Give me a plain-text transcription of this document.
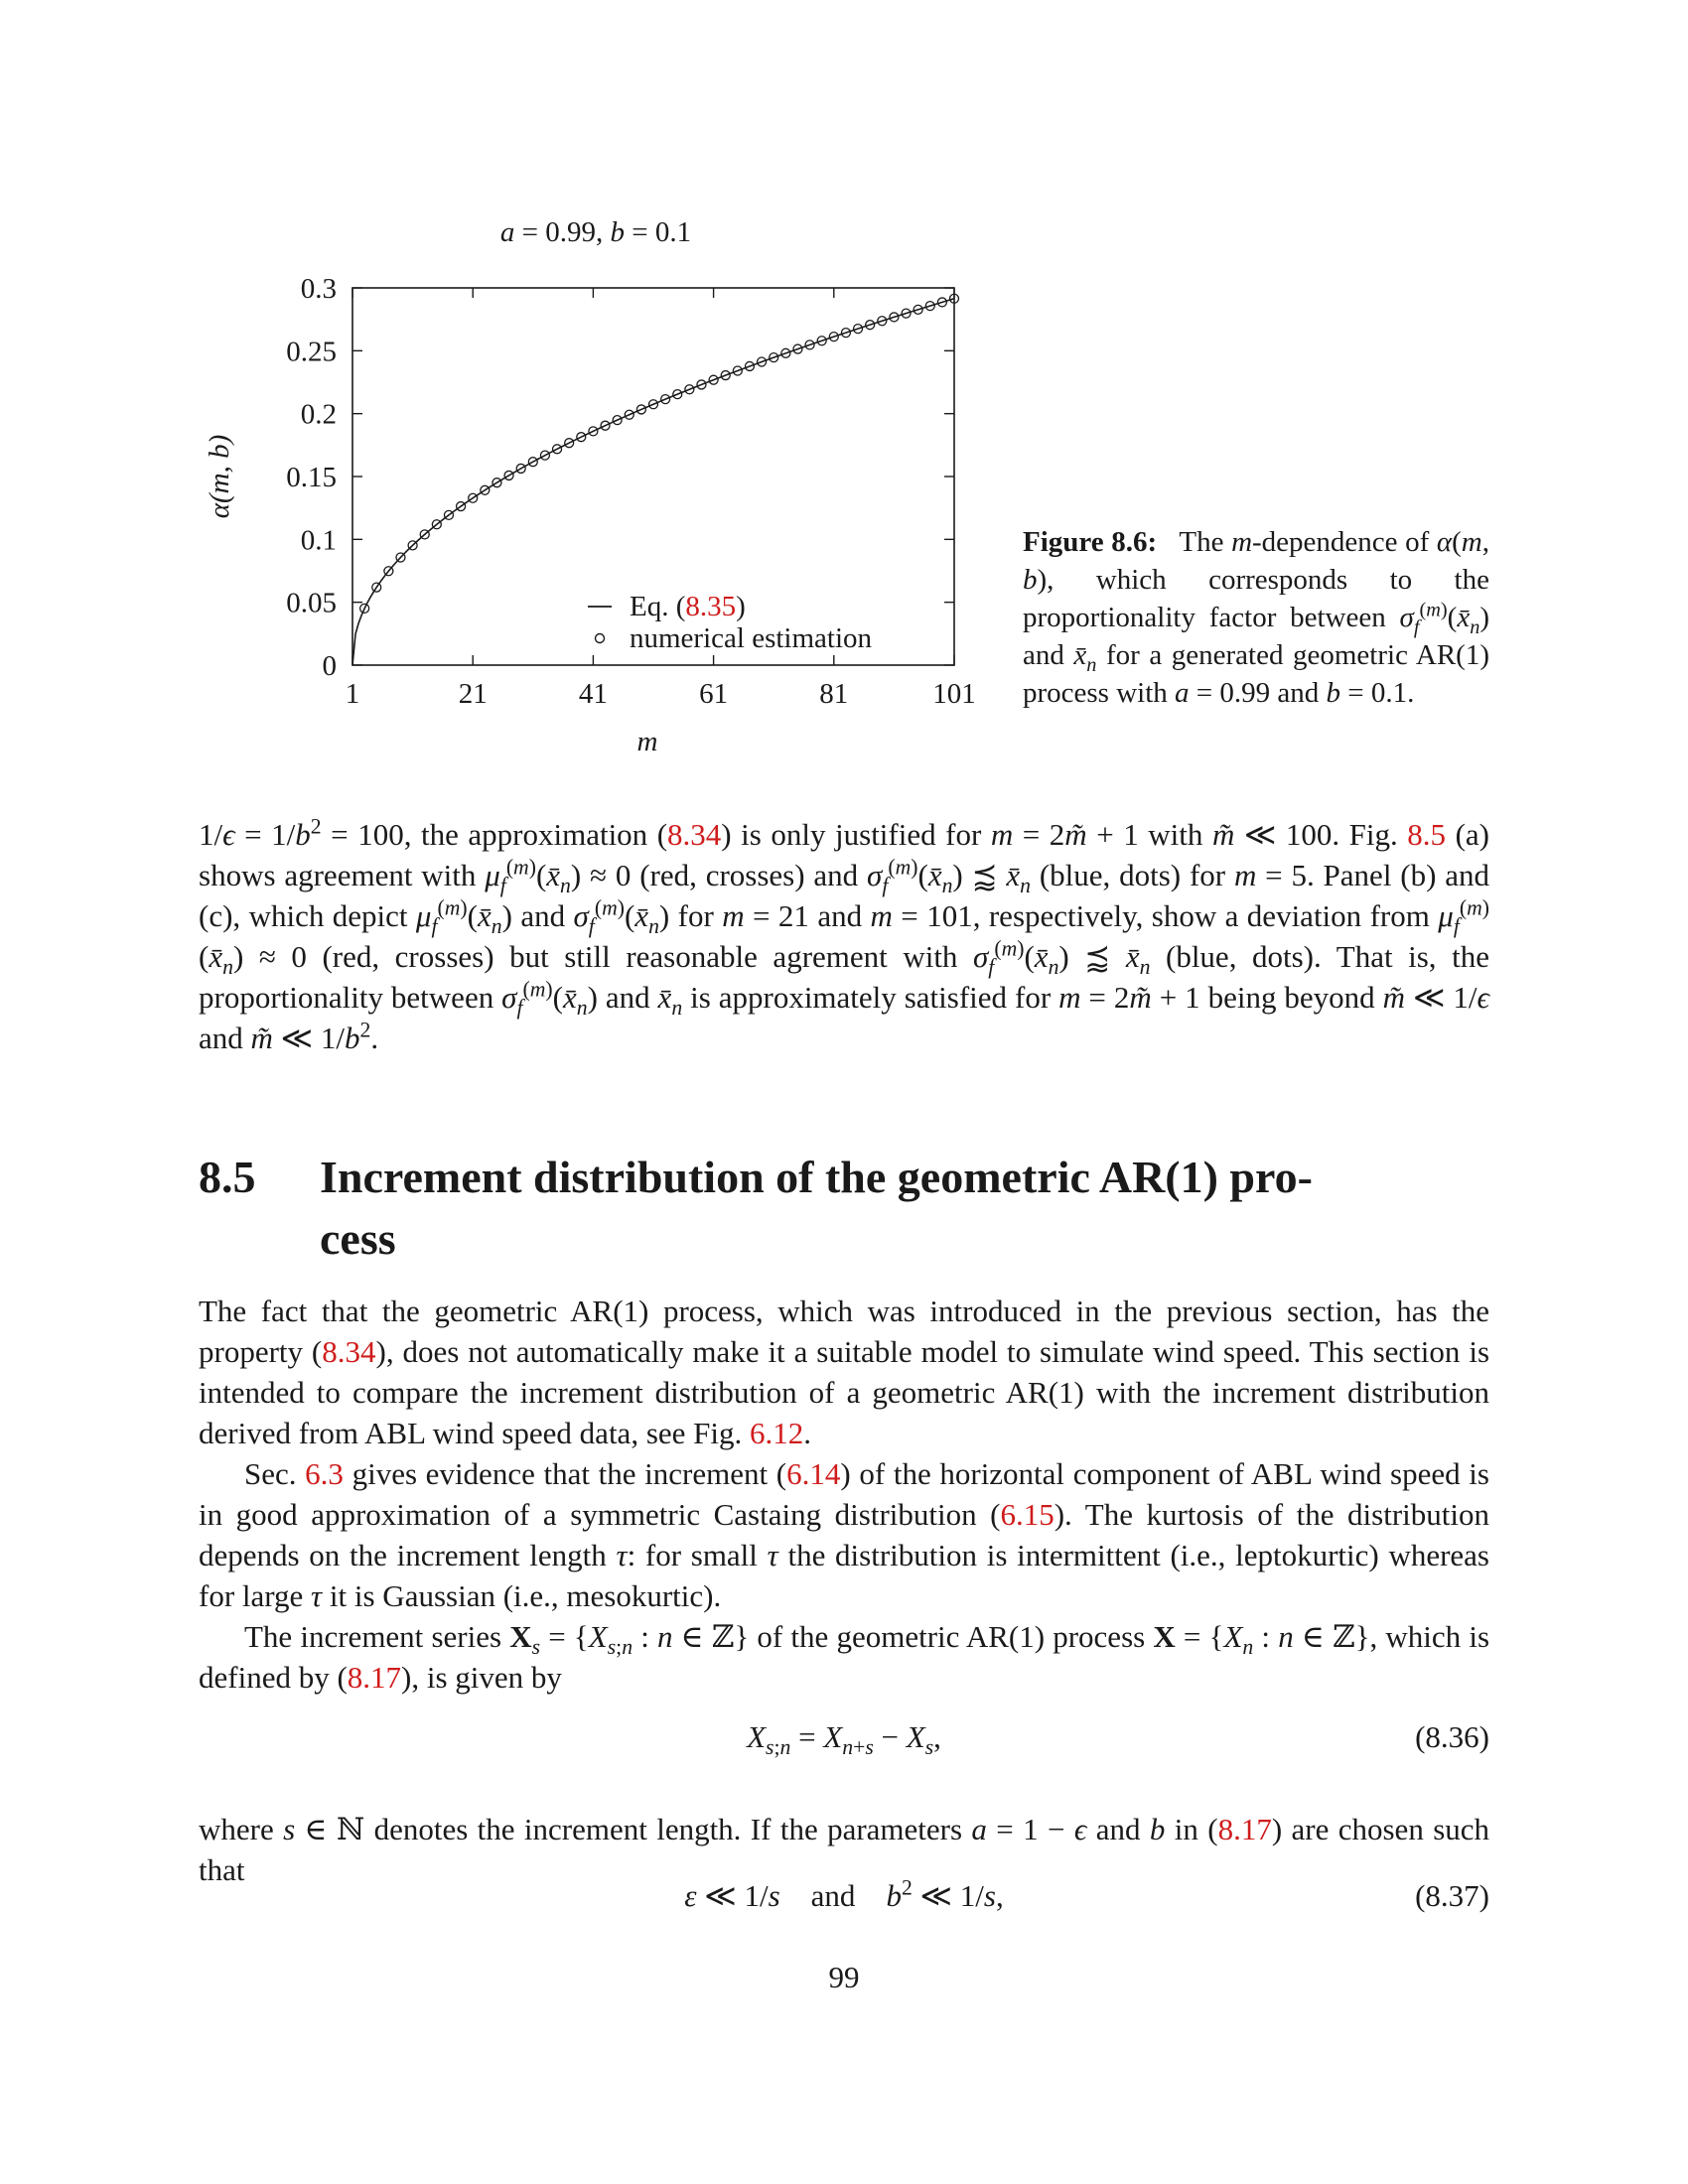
a = 0.99, b = 0.1
α(m, b)
m
1	21	41	61	81	101
0
0.05
0.1
0.15
0.2
0.25
0.3
Eq. (8.35)
numerical estimation
Figure 8.6:   The m-dependence of α(m, b), which corresponds to the proportionality factor between $\sigma_f^{(m)}(x̄_n)$ and $x̄_n$ for a generated geometric AR(1) process with a = 0.99 and b = 0.1.

$1/\epsilon = 1/b^2 = 100$, the approximation (8.34) is only justified for m = 2m̃ + 1 with m̃ ≪ 100. Fig. 8.5 (a) shows agreement with $\mu_f^{(m)}(x̄_n) \approx 0$ (red, crosses) and $\sigma_f^{(m)}(x̄_n)$ ⪷ $x̄_n$ (blue, dots) for m = 5. Panel (b) and (c), which depict $\mu_f^{(m)}(x̄_n)$ and $\sigma_f^{(m)}(x̄_n)$ for m = 21 and m = 101, respectively, show a deviation from $\mu_f^{(m)}(x̄_n) \approx 0$ (red, crosses) but still reasonable agrement with $\sigma_f^{(m)}(x̄_n)$ ⪷ $x̄_n$ (blue, dots). That is, the proportionality between $\sigma_f^{(m)}(x̄_n)$ and $x̄_n$ is approximately satisfied for m = 2m̃ + 1 being beyond m̃ ≪ 1/ϵ and m̃ ≪ $1/b^2$.

8.5 Increment distribution of the geometric AR(1) pro-
cess

The fact that the geometric AR(1) process, which was introduced in the previous section, has the property (8.34), does not automatically make it a suitable model to simulate wind speed. This section is intended to compare the increment distribution of a geometric AR(1) with the increment distribution derived from ABL wind speed data, see Fig. 6.12.

Sec. 6.3 gives evidence that the increment (6.14) of the horizontal component of ABL wind speed is in good approximation of a symmetric Castaing distribution (6.15). The kurtosis of the distribution depends on the increment length τ: for small τ the distribution is intermittent (i.e., leptokurtic) whereas for large τ it is Gaussian (i.e., mesokurtic).

The increment series $X_s = \{X_{s;n}$ : n ∈ ℤ} of the geometric AR(1) process $X = \{X_n$ : n ∈ ℤ}, which is defined by (8.17), is given by

$X_{s;n} = X_{n+s} - X_s$,	(8.36)

where s ∈ ℕ denotes the increment length. If the parameters a = 1 − ϵ and b in (8.17) are chosen such that

ε ≪ 1/s    and    $b^2$ ≪ 1/s,	(8.37)
99
